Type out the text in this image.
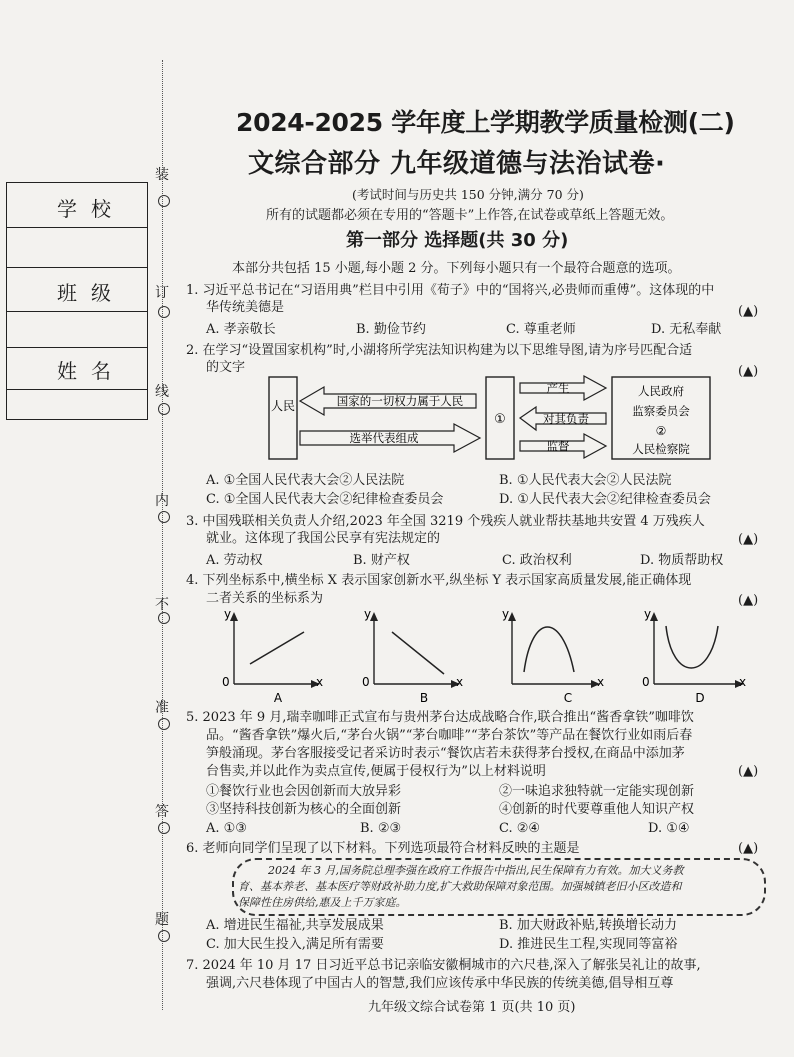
装
订
线
内
不
准
答
题
学校
班级
姓名
2024-2025 学年度上学期教学质量检测(二)
文综合部分 九年级道德与法治试卷·
(考试时间与历史共 150 分钟,满分 70 分)
所有的试题都必须在专用的“答题卡”上作答,在试卷或草纸上答题无效。
第一部分 选择题(共 30 分)
本部分共包括 15 小题,每小题 2 分。下列每小题只有一个最符合题意的选项。
1. 习近平总书记在“习语用典”栏目中引用《荀子》中的“国将兴,必贵师而重傅”。这体现的中
华传统美德是	(▲)
A. 孝亲敬长	B. 勤俭节约	C. 尊重老师	D. 无私奉献
2. 在学习“设置国家机构”时,小湖将所学宪法知识构建为以下思维导图,请为序号匹配合适
的文字	(▲)
人民	国家的一切权力属于人民
选举代表组成
①
产生
对其负责
监督
人民政府
监察委员会
②
人民检察院
A. ①全国人民代表大会②人民法院	B. ①人民代表大会②人民法院
C. ①全国人民代表大会②纪律检查委员会	D. ①人民代表大会②纪律检查委员会
3. 中国残联相关负责人介绍,2023 年全国 3219 个残疾人就业帮扶基地共安置 4 万残疾人
就业。这体现了我国公民享有宪法规定的	(▲)
A. 劳动权	B. 财产权	C. 政治权利	D. 物质帮助权
4. 下列坐标系中,横坐标 X 表示国家创新水平,纵坐标 Y 表示国家高质量发展,能正确体现
二者关系的坐标系为	(▲)
y
0	x
A
y
0	x
B
y
x
C
y
0	x
D
5. 2023 年 9 月,瑞幸咖啡正式宣布与贵州茅台达成战略合作,联合推出“酱香拿铁”咖啡饮
品。“酱香拿铁”爆火后,“茅台火锅”“茅台咖啡”“茅台茶饮”等产品在餐饮行业如雨后春
笋般涌现。茅台客服接受记者采访时表示“餐饮店若未获得茅台授权,在商品中添加茅
台售卖,并以此作为卖点宣传,便属于侵权行为”以上材料说明	(▲)
①餐饮行业也会因创新而大放异彩	②一味追求独特就一定能实现创新
③坚持科技创新为核心的全面创新	④创新的时代要尊重他人知识产权
A. ①③	B. ②③	C. ②④	D. ①④
6. 老师向同学们呈现了以下材料。下列选项最符合材料反映的主题是	(▲)
2024 年 3 月,国务院总理李强在政府工作报告中指出,民生保障有力有效。加大义务教
育、基本养老、基本医疗等财政补助力度,扩大救助保障对象范围。加强城镇老旧小区改造和
保障性住房供给,惠及上千万家庭。
A. 增进民生福祉,共享发展成果	B. 加大财政补贴,转换增长动力
C. 加大民生投入,满足所有需要	D. 推进民生工程,实现同等富裕
7. 2024 年 10 月 17 日习近平总书记亲临安徽桐城市的六尺巷,深入了解张吴礼让的故事,
强调,六尺巷体现了中国古人的智慧,我们应该传承中华民族的传统美德,倡导相互尊
九年级文综合试卷第 1 页(共 10 页)
